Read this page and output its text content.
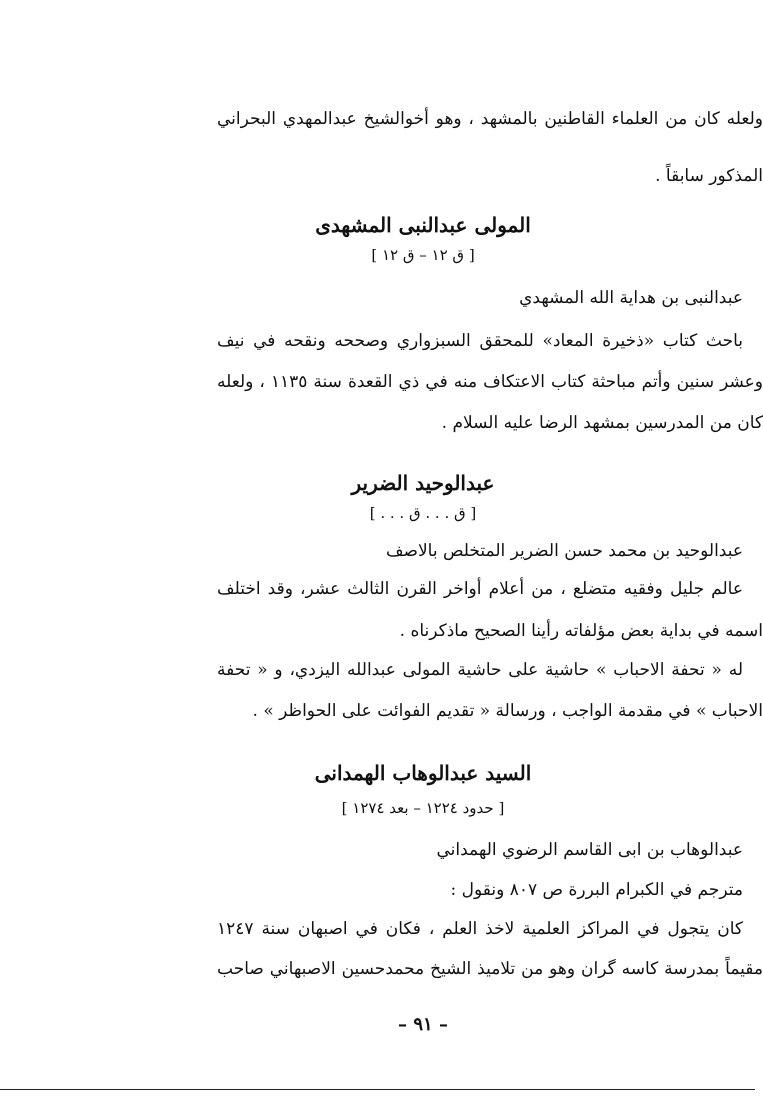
ولعله كان من العلماء القاطنين بالمشهد ، وهو أخوالشيخ عبدالمهدي البحراني
المذكور سابقاً .
المولى عبدالنبى المشهدى
[ ق ١٢ – ق ١٢ ]
عبدالنبى بن هداية الله المشهدي
باحث كتاب «ذخيرة المعاد» للمحقق السبزواري وصححه ونقحه في نيف
وعشر سنين وأتم مباحثة كتاب الاعتكاف منه في ذي القعدة سنة ١١٣٥ ، ولعله
كان من المدرسين بمشهد الرضا عليه السلام .
عبدالوحيد الضرير
[ ق . . . ق . . . ]
عبدالوحيد بن محمد حسن الضرير المتخلص بالاصف
عالم جليل وفقيه متضلع ، من أعلام أواخر القرن الثالث عشر، وقد اختلف
اسمه في بداية بعض مؤلفاته رأينا الصحيح ماذكرناه .
له « تحفة الاحباب » حاشية على حاشية المولى عبدالله اليزدي، و « تحفة
الاحباب » في مقدمة الواجب ، ورسالة « تقديم الفوائت على الحواظر » .
السيد عبدالوهاب الهمدانى
[ حدود ١٢٢٤ – بعد ١٢٧٤ ]
عبدالوهاب بن ابى القاسم الرضوي الهمداني
مترجم في الكبرام البررة ص ٨٠٧ ونقول :
كان يتجول في المراكز العلمية لاخذ العلم ، فكان في اصبهان سنة ١٢٤٧
مقيماً بمدرسة كاسه گران وهو من تلاميذ الشيخ محمدحسين الاصبهاني صاحب
– ٩١ –
